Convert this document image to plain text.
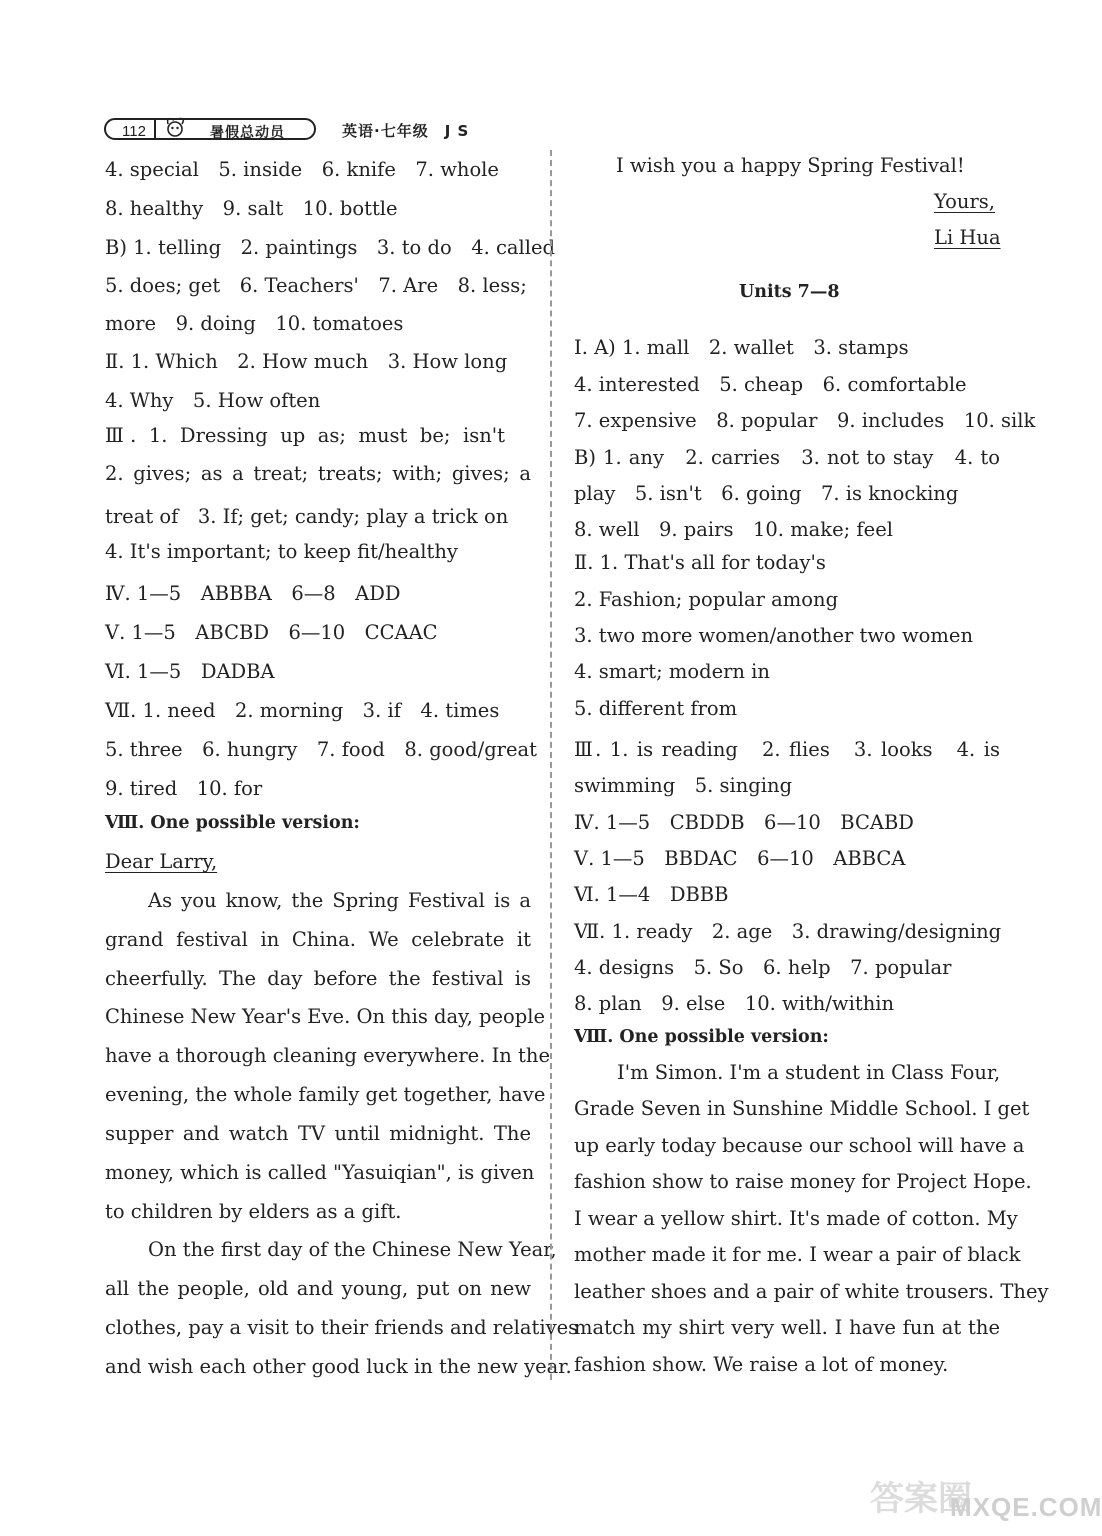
112	暑假总动员	英语·七年级　J S
4. special　5. inside　6. knife　7. whole
8. healthy　9. salt　10. bottle
B) 1. telling　2. paintings　3. to do　4. called
5. does; get　6. Teachers'　7. Are　8. less;
more　9. doing　10. tomatoes
Ⅱ. 1. Which　2. How much　3. How long
4. Why　5. How often
Ⅲ. 1. Dressing up as; must be; isn't
2. gives; as a treat; treats; with; gives; a
treat of　3. If; get; candy; play a trick on
4. It's important; to keep fit/healthy
Ⅳ. 1—5　ABBBA　6—8　ADD
Ⅴ. 1—5　ABCBD　6—10　CCAAC
Ⅵ. 1—5　DADBA
Ⅶ. 1. need　2. morning　3. if　4. times
5. three　6. hungry　7. food　8. good/great
9. tired　10. for
Ⅷ. One possible version:
Dear Larry,
As you know, the Spring Festival is a
grand festival in China. We celebrate it
cheerfully. The day before the festival is
Chinese New Year's Eve. On this day, people
have a thorough cleaning everywhere. In the
evening, the whole family get together, have
supper and watch TV until midnight. The
money, which is called "Yasuiqian", is given
to children by elders as a gift.
On the first day of the Chinese New Year,
all the people, old and young, put on new
clothes, pay a visit to their friends and relatives
and wish each other good luck in the new year.
I wish you a happy Spring Festival!
Yours,
Li Hua
Units 7—8
Ⅰ. A) 1. mall　2. wallet　3. stamps
4. interested　5. cheap　6. comfortable
7. expensive　8. popular　9. includes　10. silk
B) 1. any　2. carries　3. not to stay　4. to
play　5. isn't　6. going　7. is knocking
8. well　9. pairs　10. make; feel
Ⅱ. 1. That's all for today's
2. Fashion; popular among
3. two more women/another two women
4. smart; modern in
5. different from
Ⅲ. 1. is reading　2. flies　3. looks　4. is
swimming　5. singing
Ⅳ. 1—5　CBDDB　6—10　BCABD
Ⅴ. 1—5　BBDAC　6—10　ABBCA
Ⅵ. 1—4　DBBB
Ⅶ. 1. ready　2. age　3. drawing/designing
4. designs　5. So　6. help　7. popular
8. plan　9. else　10. with/within
Ⅷ. One possible version:
I'm Simon. I'm a student in Class Four,
Grade Seven in Sunshine Middle School. I get
up early today because our school will have a
fashion show to raise money for Project Hope.
I wear a yellow shirt. It's made of cotton. My
mother made it for me. I wear a pair of black
leather shoes and a pair of white trousers. They
match my shirt very well. I have fun at the
fashion show. We raise a lot of money.
答案圈
MXQE.COM
